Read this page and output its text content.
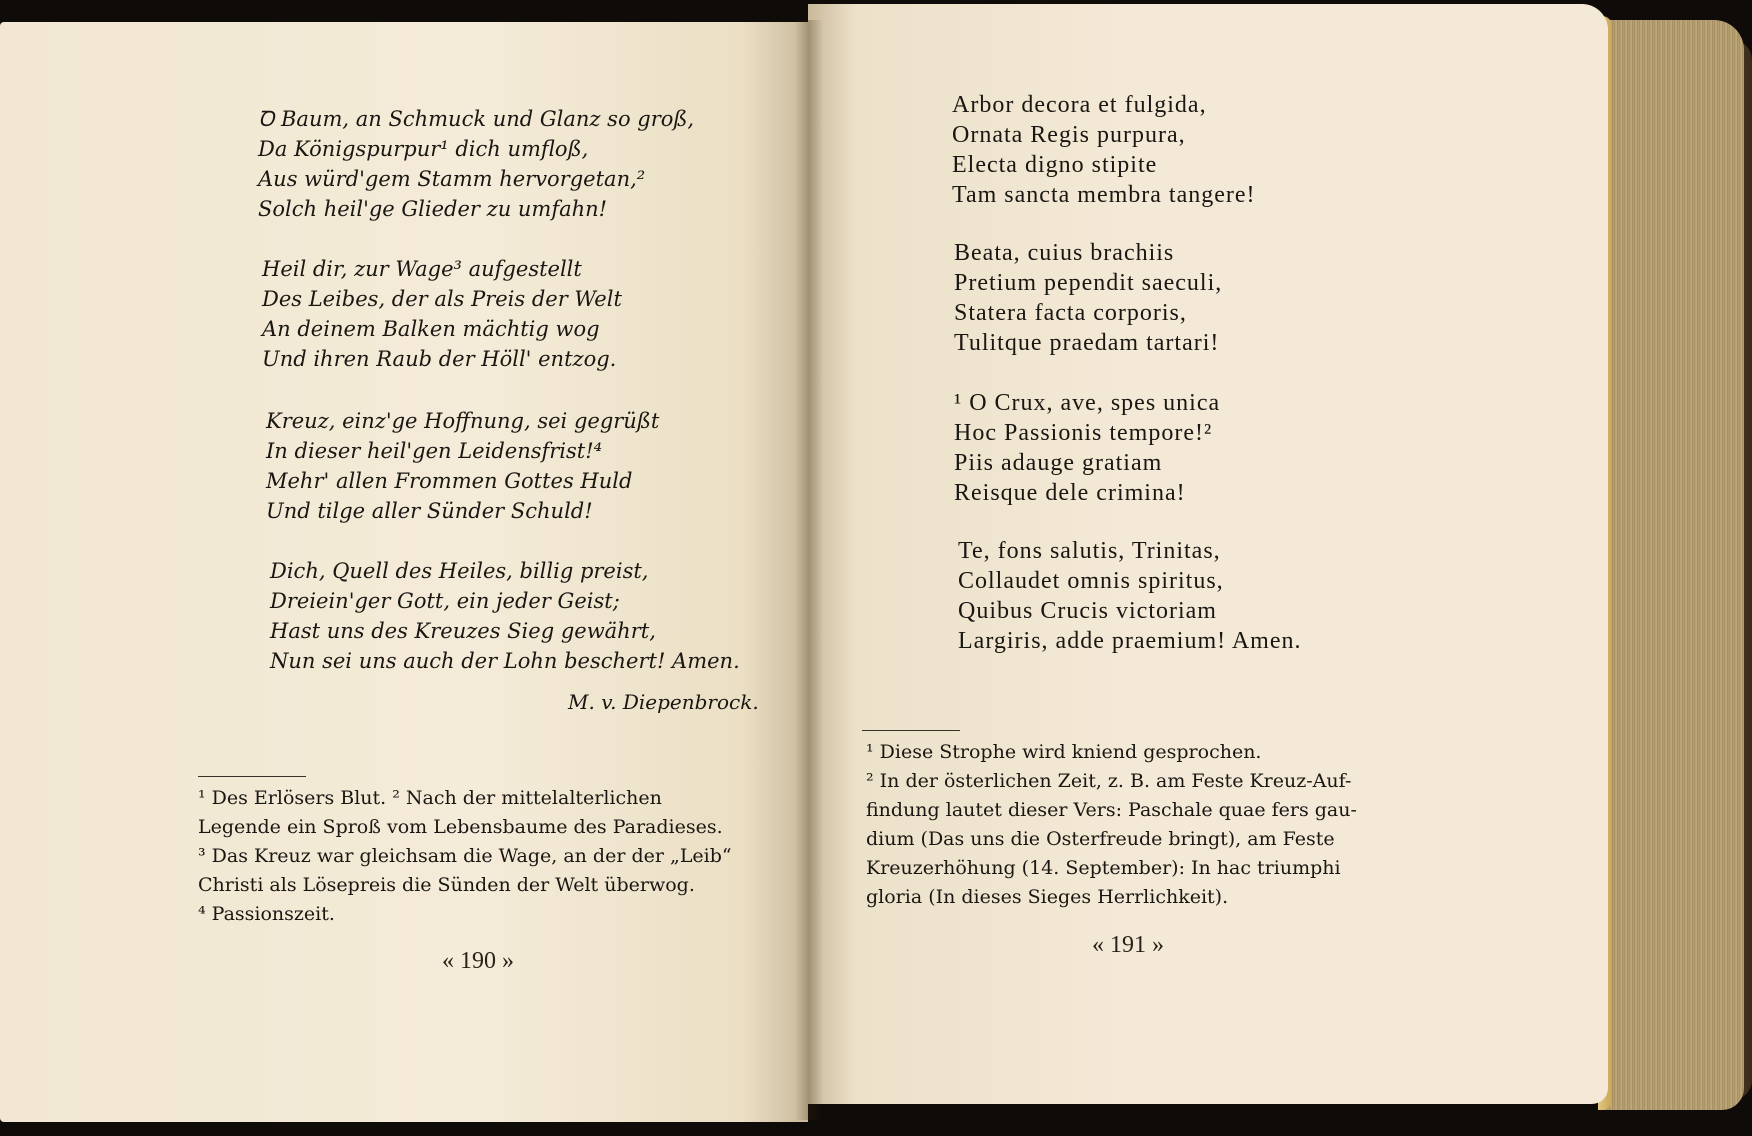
Ꝺ Baum, an Schmuck und Glanz so groß,
Da Königspurpur¹ dich umfloß,
Aus würd'gem Stamm hervorgetan,²
Solch heil'ge Glieder zu umfahn!
Heil dir, zur Wage³ aufgestellt
Des Leibes, der als Preis der Welt
An deinem Balken mächtig wog
Und ihren Raub der Höll' entzog.
Kreuz, einz'ge Hoffnung, sei gegrüßt
In dieser heil'gen Leidensfrist!⁴
Mehr' allen Frommen Gottes Huld
Und tilge aller Sünder Schuld!
Dich, Quell des Heiles, billig preist,
Dreiein'ger Gott, ein jeder Geist;
Hast uns des Kreuzes Sieg gewährt,
Nun sei uns auch der Lohn beschert! Amen.
M. v. Diepenbrock.
¹ Des Erlösers Blut. ² Nach der mittelalterlichen
Legende ein Sproß vom Lebensbaume des Paradieses.
³ Das Kreuz war gleichsam die Wage, an der der „Leib“
Christi als Lösepreis die Sünden der Welt überwog.
⁴ Passionszeit.
« 190 »
Arbor decora et fulgida,
Ornata Regis purpura,
Electa digno stipite
Tam sancta membra tangere!
Beata, cuius brachiis
Pretium pependit saeculi,
Statera facta corporis,
Tulitque praedam tartari!
¹ O Crux, ave, spes unica
Hoc Passionis tempore!²
Piis adauge gratiam
Reisque dele crimina!
Te, fons salutis, Trinitas,
Collaudet omnis spiritus,
Quibus Crucis victoriam
Largiris, adde praemium! Amen.
¹ Diese Strophe wird kniend gesprochen.
² In der österlichen Zeit, z. B. am Feste Kreuz-Auf-
findung lautet dieser Vers: Paschale quae fers gau-
dium (Das uns die Osterfreude bringt), am Feste
Kreuzerhöhung (14. September): In hac triumphi
gloria (In dieses Sieges Herrlichkeit).
« 191 »
